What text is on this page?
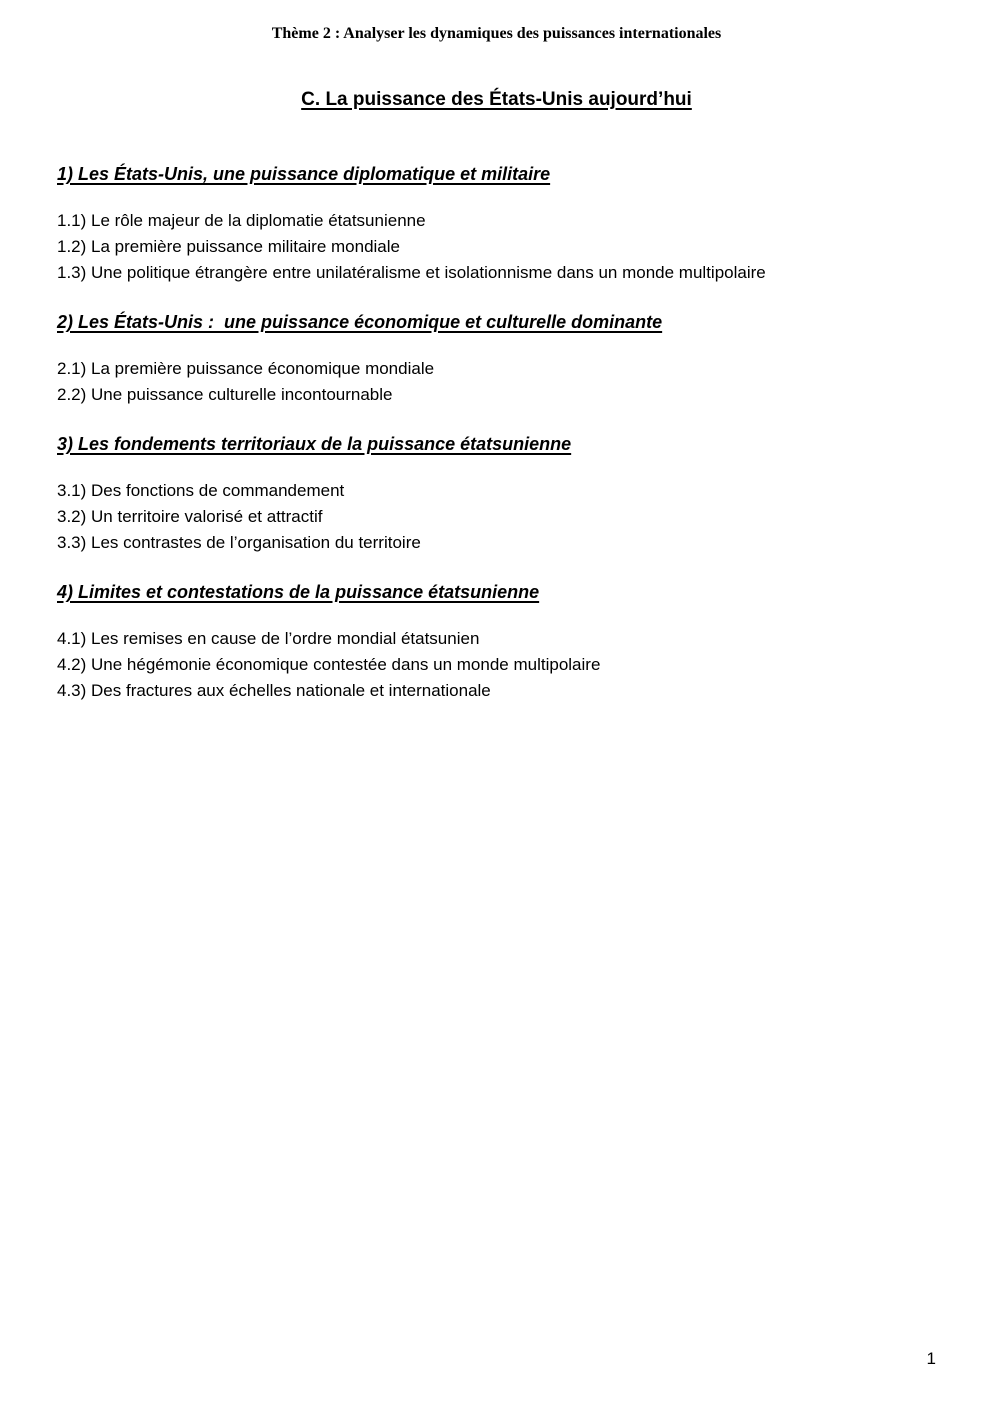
Thème 2 : Analyser les dynamiques des puissances internationales
C. La puissance des États-Unis aujourd’hui
1) Les États-Unis, une puissance diplomatique et militaire

1.1) Le rôle majeur de la diplomatie étatsunienne

1.2) La première puissance militaire mondiale

1.3) Une politique étrangère entre unilatéralisme et isolationnisme dans un monde multipolaire

2) Les États-Unis :  une puissance économique et culturelle dominante

2.1) La première puissance économique mondiale

2.2) Une puissance culturelle incontournable

3) Les fondements territoriaux de la puissance étatsunienne

3.1) Des fonctions de commandement

3.2) Un territoire valorisé et attractif

3.3) Les contrastes de l’organisation du territoire

4) Limites et contestations de la puissance étatsunienne

4.1) Les remises en cause de l’ordre mondial étatsunien

4.2) Une hégémonie économique contestée dans un monde multipolaire

4.3) Des fractures aux échelles nationale et internationale

1
